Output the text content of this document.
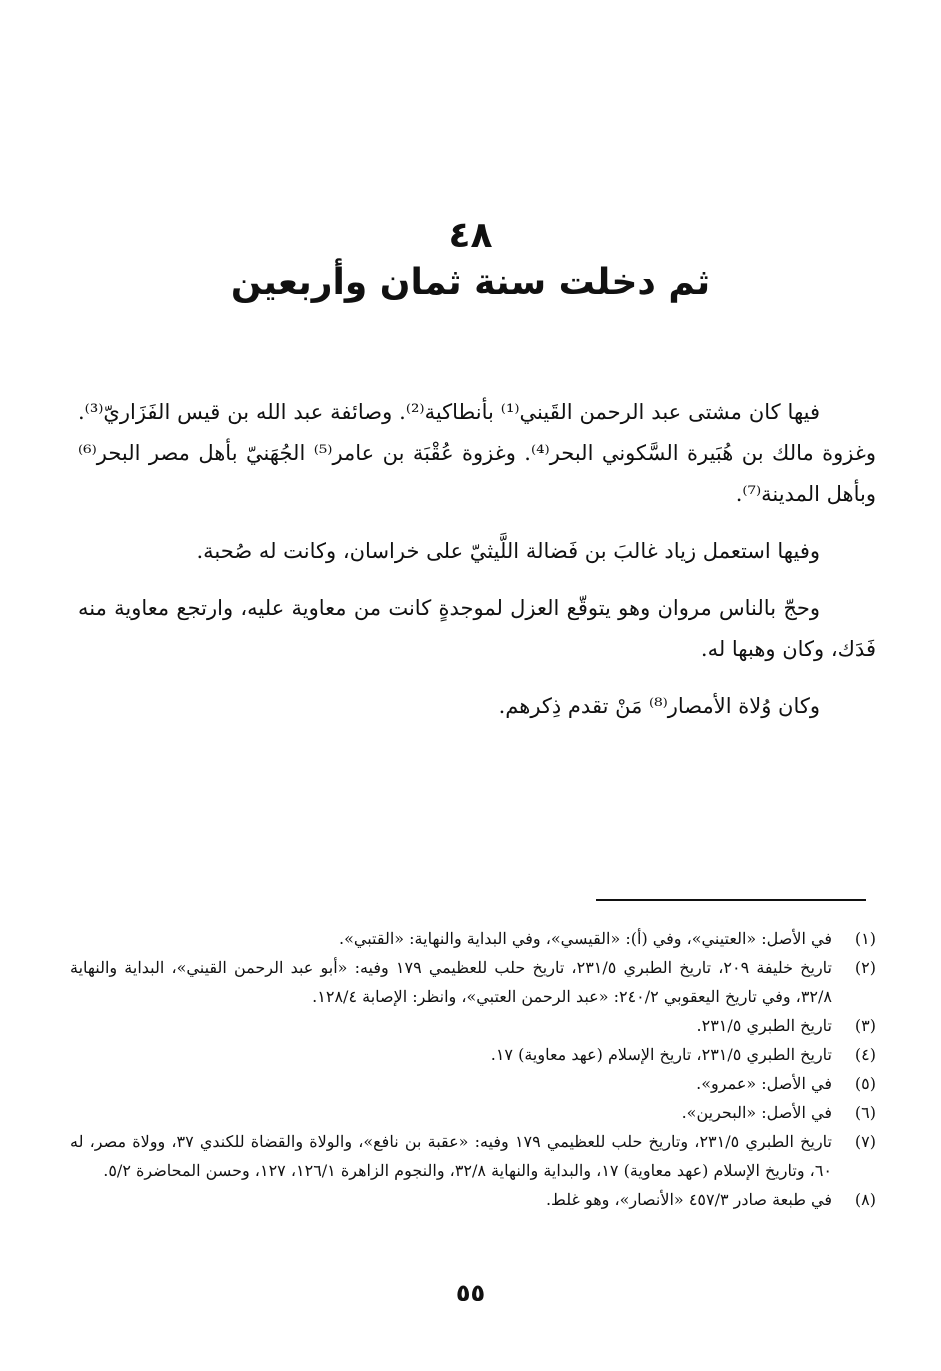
٤٨
ثم دخلت سنة ثمان وأربعين

فيها كان مشتى عبد الرحمن القَيني⁽¹⁾ بأنطاكية⁽²⁾. وصائفة عبد الله بن قيس الفَزَاريّ⁽³⁾. وغزوة مالك بن هُبَيرة السَّكوني البحر⁽⁴⁾. وغزوة عُقْبَة بن عامر⁽⁵⁾ الجُهَنيّ بأهل مصر البحر⁽⁶⁾ وبأهل المدينة⁽⁷⁾.

وفيها استعمل زياد غالبَ بن فَضالة اللَّيثيّ على خراسان، وكانت له صُحبة.

وحجّ بالناس مروان وهو يتوقّع العزل لموجدةٍ كانت من معاوية عليه، وارتجع معاوية منه فَدَك، وكان وهبها له.

وكان وُلاة الأمصار⁽⁸⁾ مَنْ تقدم ذِكرهم.

(١)
في الأصل: «العتيني»، وفي (أ): «القيسي»، وفي البداية والنهاية: «القتبي».
(٢)
تاريخ خليفة ٢٠٩، تاريخ الطبري ٢٣١/٥، تاريخ حلب للعظيمي ١٧٩ وفيه: «أبو عبد الرحمن القيني»، البداية والنهاية ٣٢/٨، وفي تاريخ اليعقوبي ٢٤٠/٢: «عبد الرحمن العتبي»، وانظر: الإصابة ١٢٨/٤.
(٣)
تاريخ الطبري ٢٣١/٥.
(٤)
تاريخ الطبري ٢٣١/٥، تاريخ الإسلام (عهد معاوية) ١٧.
(٥)
في الأصل: «عمرو».
(٦)
في الأصل: «البحرين».
(٧)
تاريخ الطبري ٢٣١/٥، وتاريخ حلب للعظيمي ١٧٩ وفيه: «عقبة بن نافع»، والولاة والقضاة للكندي ٣٧، وولاة مصر، له ٦٠، وتاريخ الإسلام (عهد معاوية) ١٧، والبداية والنهاية ٣٢/٨، والنجوم الزاهرة ١٢٦/١، ١٢٧، وحسن المحاضرة ٥/٢.
(٨)
في طبعة صادر ٤٥٧/٣ «الأنصار»، وهو غلط.
٥٥
